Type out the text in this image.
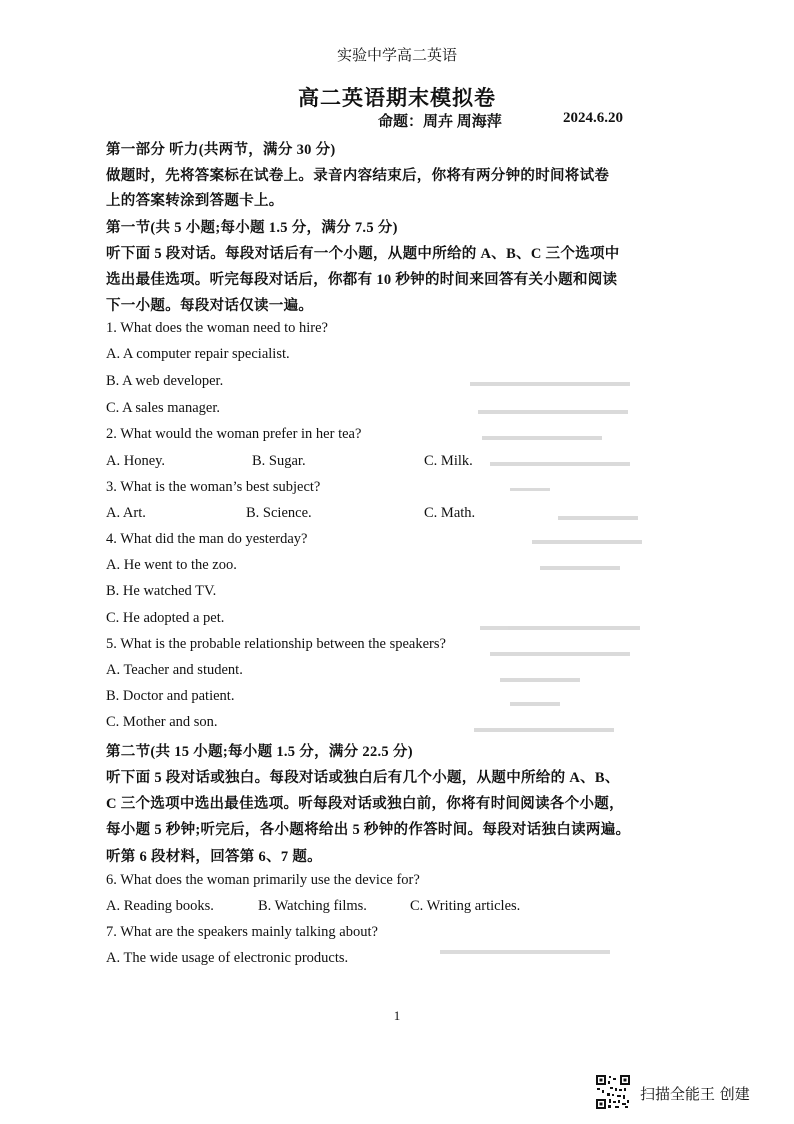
实验中学高二英语
高二英语期末模拟卷
命题：周卉 周海萍	2024.6.20
第一部分 听力(共两节，满分 30 分)
做题时，先将答案标在试卷上。录音内容结束后，你将有两分钟的时间将试卷
上的答案转涂到答题卡上。
第一节(共 5 小题;每小题 1.5 分，满分 7.5 分)
听下面 5 段对话。每段对话后有一个小题，从题中所给的 A、B、C 三个选项中
选出最佳选项。听完每段对话后，你都有 10 秒钟的时间来回答有关小题和阅读
下一小题。每段对话仅读一遍。
1. What does the woman need to hire?
A. A computer repair specialist.
B. A web developer.
C. A sales manager.
2. What would the woman prefer in her tea?
A. Honey.	B. Sugar.	C. Milk.
3. What is the woman’s best subject?
A. Art.	B. Science.	C. Math.
4. What did the man do yesterday?
A. He went to the zoo.
B. He watched TV.
C. He adopted a pet.
5. What is the probable relationship between the speakers?
A. Teacher and student.
B. Doctor and patient.
C. Mother and son.
第二节(共 15 小题;每小题 1.5 分，满分 22.5 分)
听下面 5 段对话或独白。每段对话或独白后有几个小题，从题中所给的 A、B、
C 三个选项中选出最佳选项。听每段对话或独白前，你将有时间阅读各个小题，
每小题 5 秒钟;听完后，各小题将给出 5 秒钟的作答时间。每段对话独白读两遍。
听第 6 段材料，回答第 6、7 题。
6. What does the woman primarily use the device for?
A. Reading books.	B. Watching films.	C. Writing articles.
7. What are the speakers mainly talking about?
A. The wide usage of electronic products.
1
扫描全能王 创建
